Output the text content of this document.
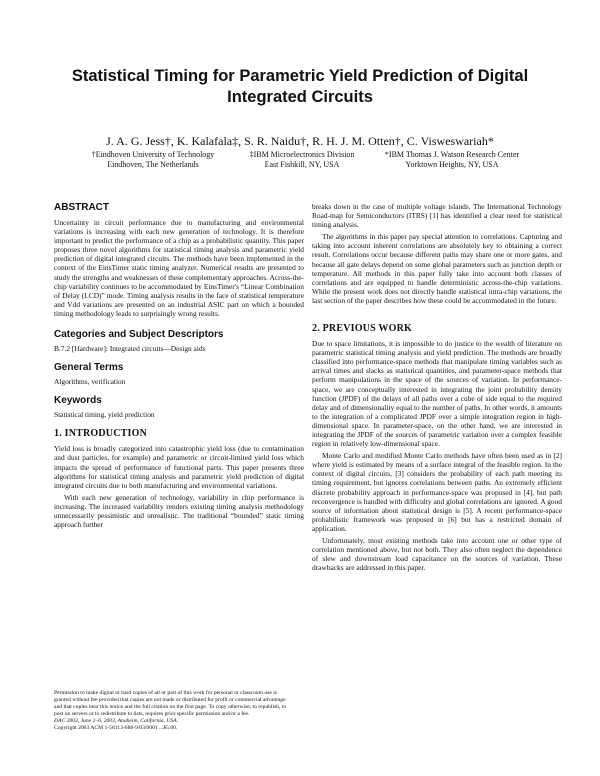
Statistical Timing for Parametric Yield Prediction of Digital Integrated Circuits
J. A. G. Jess†, K. Kalafala‡, S. R. Naidu†, R. H. J. M. Otten†, C. Visweswariah*
†Eindhoven University of Technology
Eindhoven, The Netherlands
‡IBM Microelectronics Division
East Fishkill, NY, USA
*IBM Thomas J. Watson Research Center
Yorktown Heights, NY, USA
ABSTRACT

Uncertainty in circuit performance due to manufacturing and environmental variations is increasing with each new generation of technology. It is therefore important to predict the performance of a chip as a probabilistic quantity. This paper proposes three novel algorithms for statistical timing analysis and parametric yield prediction of digital integrated circuits. The methods have been implemented in the context of the EinsTimer static timing analyzer. Numerical results are presented to study the strengths and weaknesses of these complementary approaches. Across-the-chip variability continues to be accommodated by EinsTimer's “Linear Combination of Delay (LCD)” mode. Timing analysis results in the face of statistical temperature and Vdd variations are presented on an industrial ASIC part on which a bounded timing methodology leads to surprisingly wrong results.

Categories and Subject Descriptors

B.7.2 [Hardware]: Integrated circuits—Design aids

General Terms

Algorithms, verification

Keywords

Statistical timing, yield prediction

1. INTRODUCTION

Yield loss is broadly categorized into catastrophic yield loss (due to contamination and dust particles, for example) and parametric or circuit-limited yield loss which impacts the spread of performance of functional parts. This paper presents three algorithms for statistical timing analysis and parametric yield prediction of digital integrated circuits due to both manufacturing and environmental variations.

With each new generation of technology, variability in chip performance is increasing. The increased variability renders existing timing analysis methodology unnecessarily pessimistic and unrealistic. The traditional “bounded” static timing approach further

Permission to make digital or hard copies of all or part of this work for personal or classroom use is granted without fee provided that copies are not made or distributed for profit or commercial advantage and that copies bear this notice and the full citation on the first page. To copy otherwise, to republish, to post on servers or to redistribute to lists, requires prior specific permission and/or a fee.

DAC 2003, June 2–6, 2003, Anaheim, California, USA.

Copyright 2003 ACM 1-58113-688-9/03/0001 ...$5.00.

breaks down in the case of multiple voltage islands. The International Technology Road-map for Semiconductors (ITRS) [1] has identified a clear need for statistical timing analysis.

The algorithms in this paper pay special attention to correlations. Capturing and taking into account inherent correlations are absolutely key to obtaining a correct result. Correlations occur because different paths may share one or more gates, and because all gate delays depend on some global parameters such as junction depth or temperature. All methods in this paper fully take into account both classes of correlations and are equipped to handle deterministic across-the-chip variations. While the present work does not directly handle statistical intra-chip variations, the last section of the paper describes how these could be accommodated in the future.

2. PREVIOUS WORK

Due to space limitations, it is impossible to do justice to the wealth of literature on parametric statistical timing analysis and yield prediction. The methods are broadly classified into performance-space methods that manipulate timing variables such as arrival times and slacks as statistical quantities, and parameter-space methods that perform manipulations in the space of the sources of variation. In performance-space, we are conceptually interested in integrating the joint probability density function (JPDF) of the delays of all paths over a cube of side equal to the required delay and of dimensionality equal to the number of paths. In other words, it amounts to the integration of a complicated JPDF over a simple integration region in high-dimensional space. In parameter-space, on the other hand, we are interested in integrating the JPDF of the sources of parametric variation over a complex feasible region in relatively low-dimensional space.

Monte Carlo and modified Monte Carlo methods have often been used as in [2] where yield is estimated by means of a surface integral of the feasible region. In the context of digital circuits, [3] considers the probability of each path meeting its timing requirement, but ignores correlations between paths. An extremely efficient discrete probability approach in performance-space was proposed in [4], but path reconvergence is handled with difficulty and global correlations are ignored. A good source of information about statistical design is [5]. A recent performance-space probabilistic framework was proposed in [6] but has a restricted domain of application.

Unfortunately, most existing methods take into account one or other type of correlation mentioned above, but not both. They also often neglect the dependence of slew and downstream load capacitance on the sources of variation. These drawbacks are addressed in this paper.
